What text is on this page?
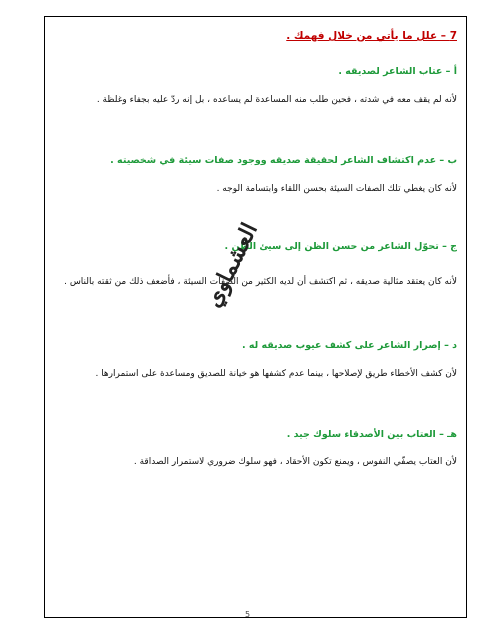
7 – علل ما يأتي من خلال فهمك .
أ – عتاب الشاعر لصديقه .
لأنه لم يقف معه في شدته ، فحين طلب منه المساعدة لم يساعده ، بل إنه ردّ عليه بجفاء وغلظة .
ب – عدم اكتشاف الشاعر لحقيقة صديقه ووجود صفات سيئة في شخصيته .
لأنه كان يغطي تلك الصفات السيئة بحسن اللقاء وابتسامة الوجه .
ج – تحوّل الشاعر من حسن الظن إلى سيئ الظن .
لأنه كان يعتقد مثالية صديقه ، ثم اكتشف أن لديه الكثير من الصفات السيئة ، فأضعف ذلك من ثقته بالناس .
د – إصرار الشاعر على كشف عيوب صديقه له .
لأن كشف الأخطاء طريق لإصلاحها ، بينما عدم كشفها هو خيانة للصديق ومساعدة على استمرارها .
هـ – العتاب بين الأصدقاء سلوك جيد .
لأن العتاب يصفّي النفوس ، ويمنع تكون الأحقاد ، فهو سلوك ضروري لاستمرار الصداقة .
العشماوي
5
